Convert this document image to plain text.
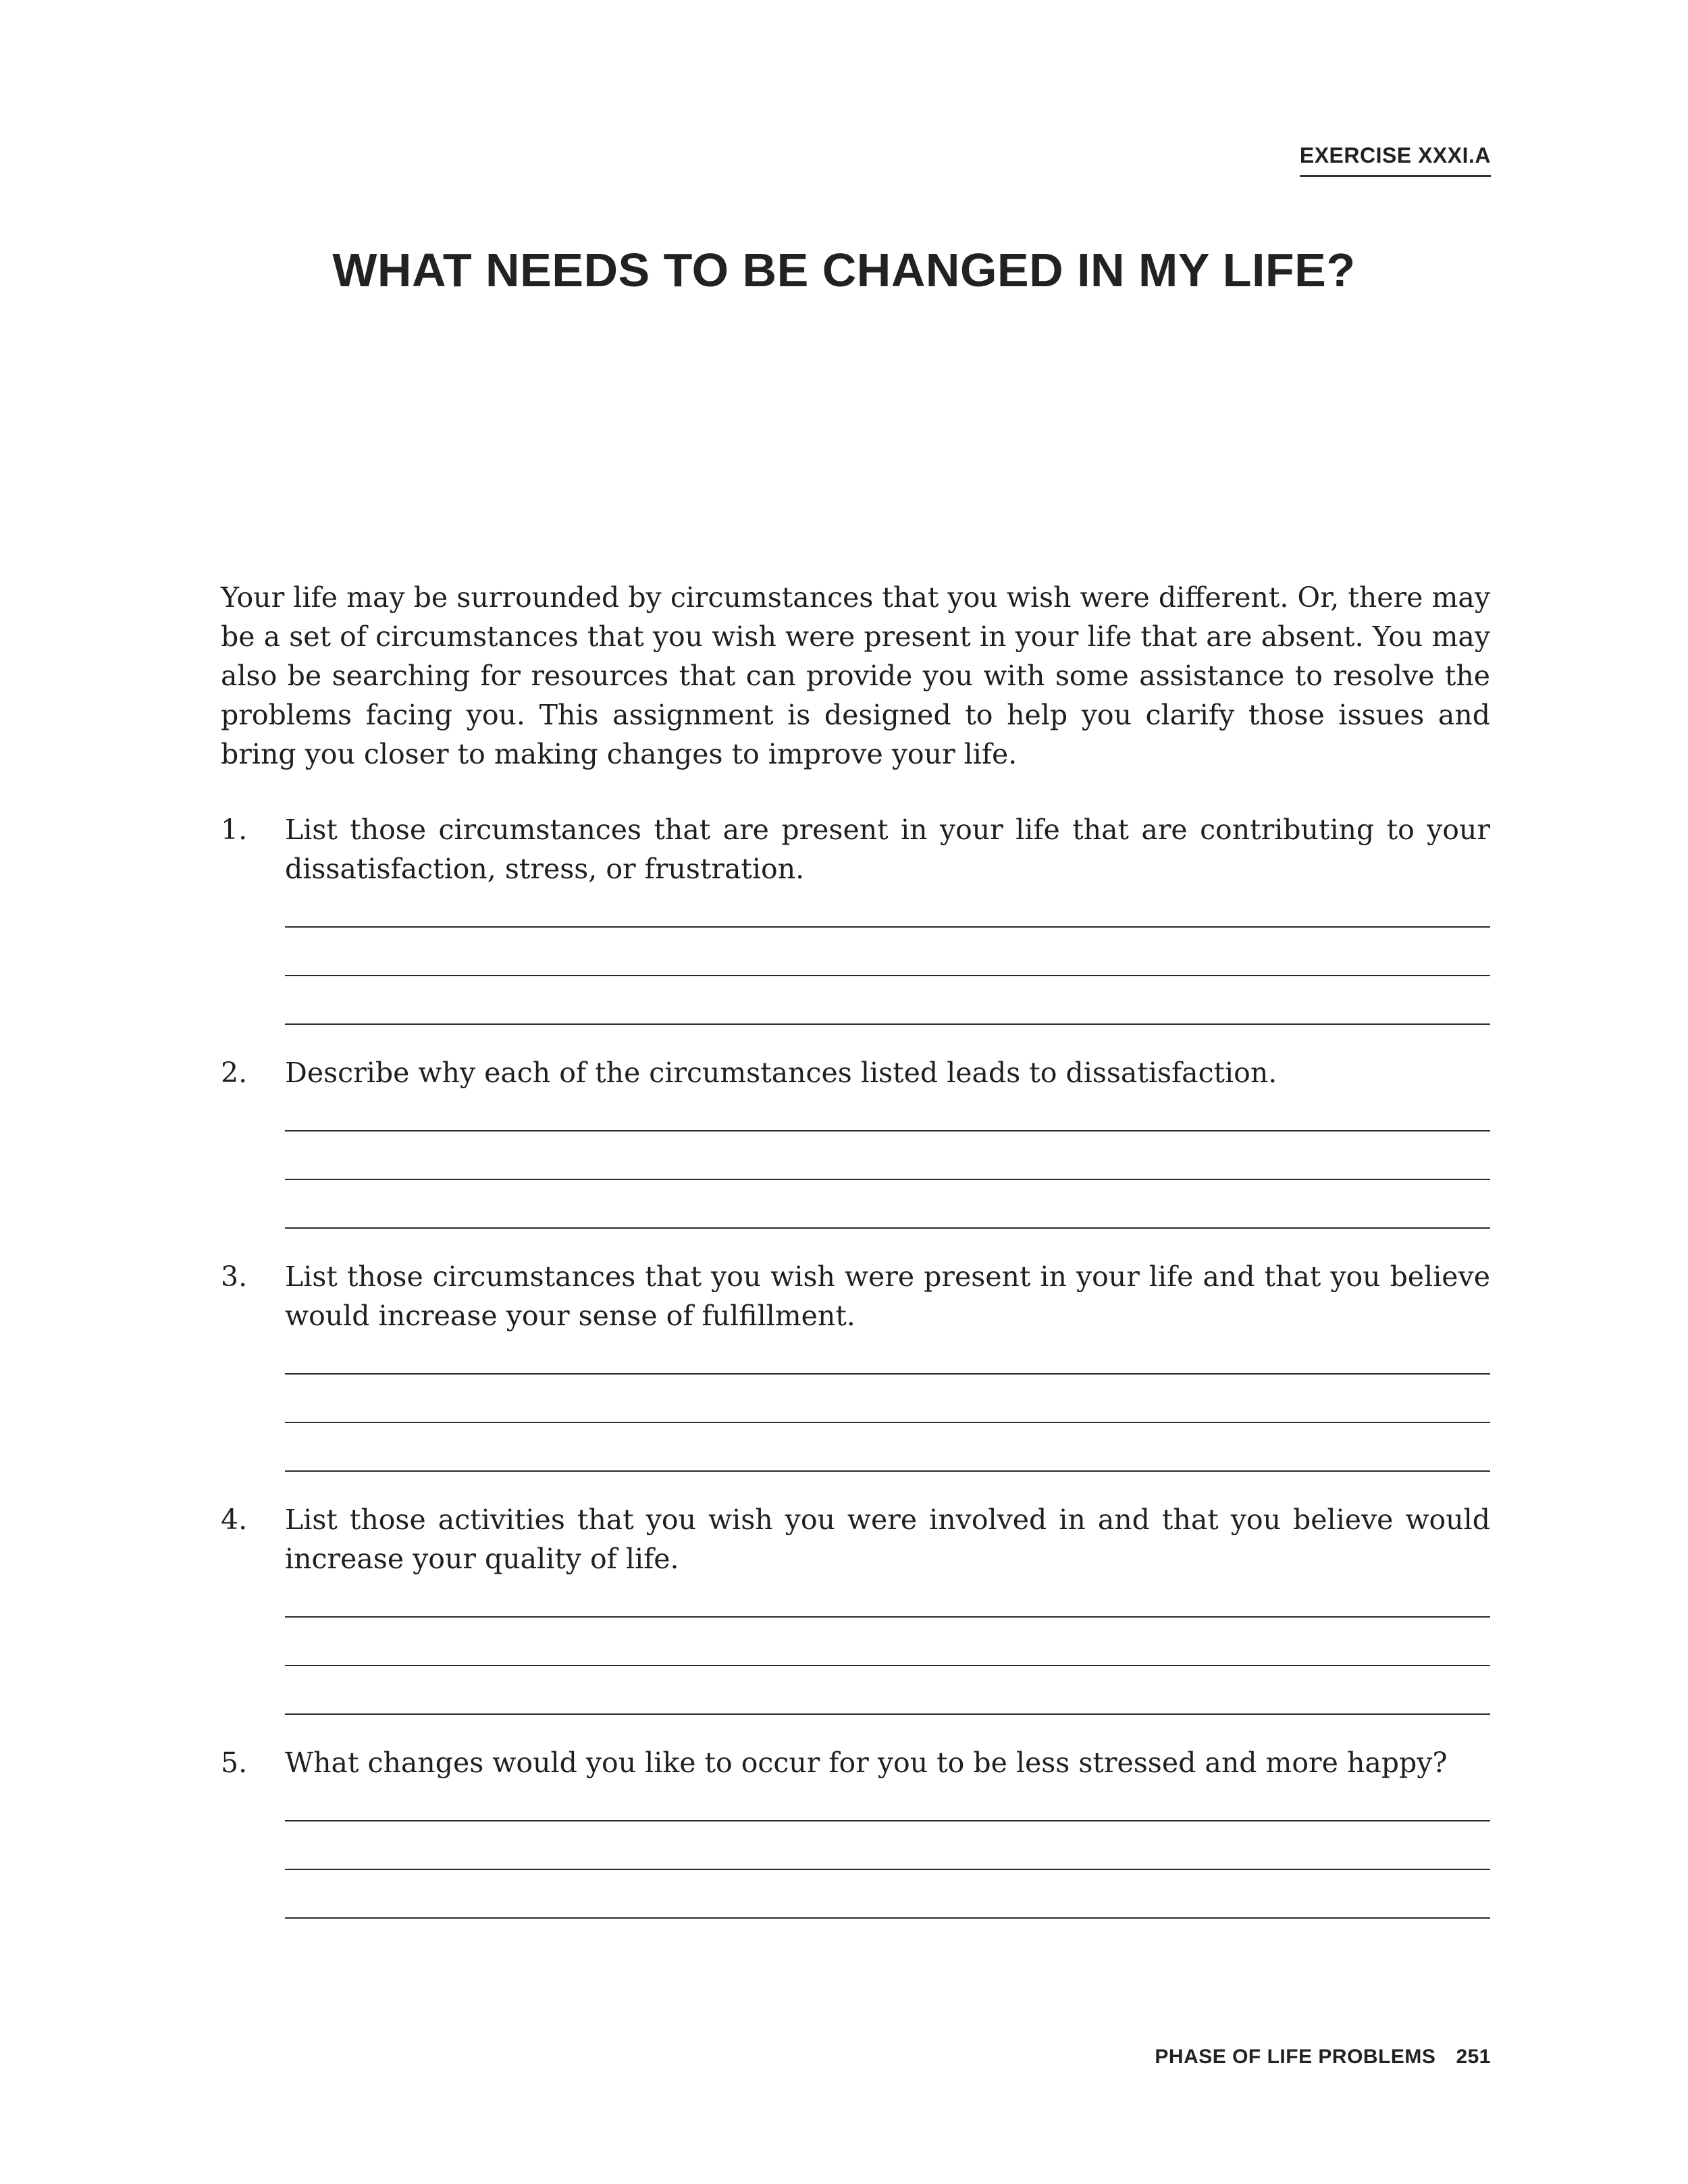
EXERCISE XXXI.A
WHAT NEEDS TO BE CHANGED IN MY LIFE?

Your life may be surrounded by circumstances that you wish were different. Or, there may be a set of circumstances that you wish were present in your life that are absent. You may also be searching for resources that can provide you with some assistance to resolve the problems facing you. This assignment is designed to help you clarify those issues and bring you closer to making changes to improve your life.

1. List those circumstances that are present in your life that are contributing to your dissatisfaction, stress, or frustration.

2. Describe why each of the circumstances listed leads to dissatisfaction.

3. List those circumstances that you wish were present in your life and that you believe would increase your sense of fulfillment.

4. List those activities that you wish you were involved in and that you believe would increase your quality of life.

5. What changes would you like to occur for you to be less stressed and more happy?

PHASE OF LIFE PROBLEMS 251
